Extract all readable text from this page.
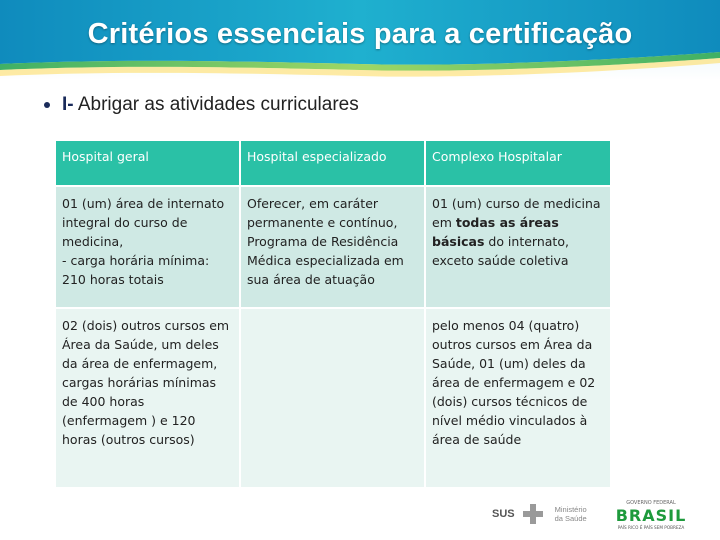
Critérios essenciais para a certificação
I- Abrigar as atividades curriculares
Hospital geral	Hospital especializado	Complexo Hospitalar

01 (um) área de internato integral do curso de medicina,
- carga horária mínima: 210 horas totais	Oferecer, em caráter permanente e contínuo, Programa de Residência Médica especializada em sua área de atuação	01 (um) curso de medicina em todas as áreas básicas do internato, exceto saúde coletiva
02 (dois) outros cursos em Área da Saúde, um deles da área de enfermagem, cargas horárias mínimas de 400 horas (enfermagem ) e 120 horas (outros cursos)		pelo menos 04 (quatro) outros cursos em Área da Saúde, 01 (um) deles da área de enfermagem e 02 (dois) cursos técnicos de nível médio vinculados à área de saúde
SUS	Ministério da Saúde
GOVERNO FEDERAL
BRASIL
PAÍS RICO É PAÍS SEM POBREZA
